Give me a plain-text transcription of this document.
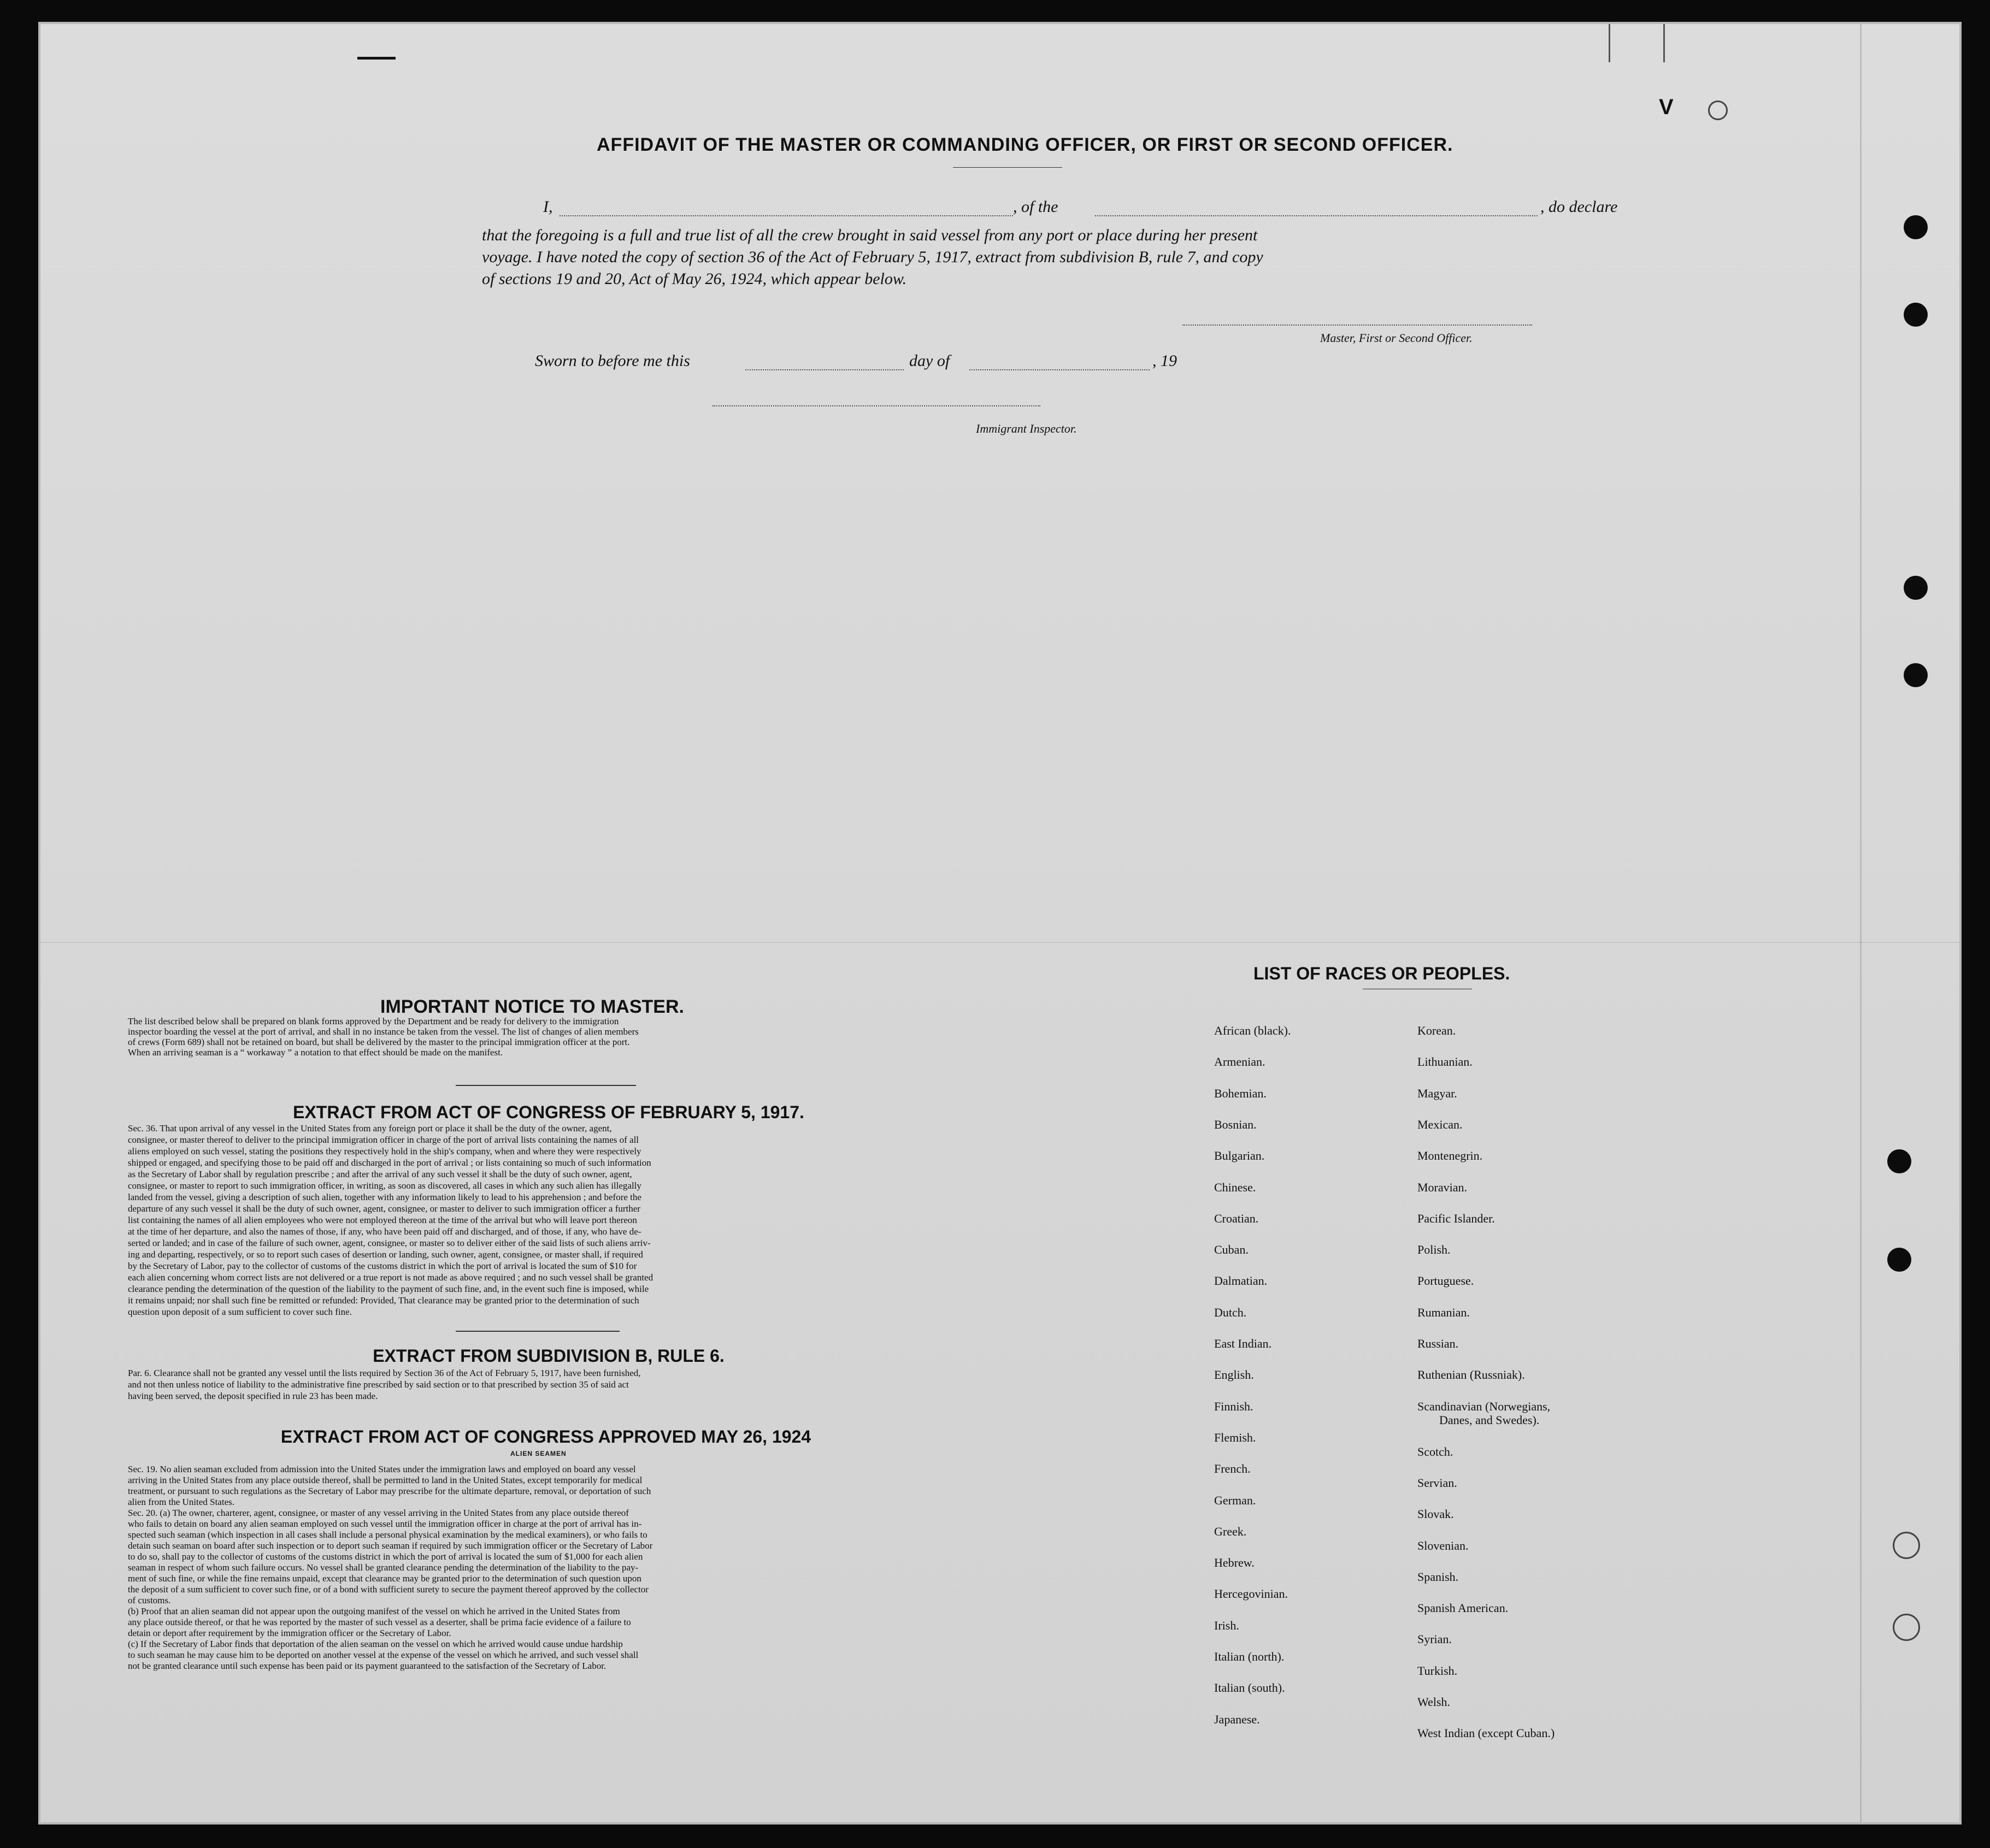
V
AFFIDAVIT OF THE MASTER OR COMMANDING OFFICER, OR FIRST OR SECOND OFFICER.
I,	, of the	, do declare
that the foregoing is a full and true list of all the crew brought in said vessel from any port or place during her present
voyage. I have noted the copy of section 36 of the Act of February 5, 1917, extract from subdivision B, rule 7, and copy
of sections 19 and 20, Act of May 26, 1924, which appear below.
Master, First or Second Officer.
Sworn to before me this	day of	, 19
Immigrant Inspector.
IMPORTANT NOTICE TO MASTER.
The list described below shall be prepared on blank forms approved by the Department and be ready for delivery to the immigration
inspector boarding the vessel at the port of arrival, and shall in no instance be taken from the vessel. The list of changes of alien members
of crews (Form 689) shall not be retained on board, but shall be delivered by the master to the principal immigration officer at the port.
When an arriving seaman is a “ workaway ” a notation to that effect should be made on the manifest.
EXTRACT FROM ACT OF CONGRESS OF FEBRUARY 5, 1917.
Sec. 36. That upon arrival of any vessel in the United States from any foreign port or place it shall be the duty of the owner, agent,
consignee, or master thereof to deliver to the principal immigration officer in charge of the port of arrival lists containing the names of all
aliens employed on such vessel, stating the positions they respectively hold in the ship's company, when and where they were respectively
shipped or engaged, and specifying those to be paid off and discharged in the port of arrival ; or lists containing so much of such information
as the Secretary of Labor shall by regulation prescribe ; and after the arrival of any such vessel it shall be the duty of such owner, agent,
consignee, or master to report to such immigration officer, in writing, as soon as discovered, all cases in which any such alien has illegally
landed from the vessel, giving a description of such alien, together with any information likely to lead to his apprehension ; and before the
departure of any such vessel it shall be the duty of such owner, agent, consignee, or master to deliver to such immigration officer a further
list containing the names of all alien employees who were not employed thereon at the time of the arrival but who will leave port thereon
at the time of her departure, and also the names of those, if any, who have been paid off and discharged, and of those, if any, who have de-
serted or landed; and in case of the failure of such owner, agent, consignee, or master so to deliver either of the said lists of such aliens arriv-
ing and departing, respectively, or so to report such cases of desertion or landing, such owner, agent, consignee, or master shall, if required
by the Secretary of Labor, pay to the collector of customs of the customs district in which the port of arrival is located the sum of $10 for
each alien concerning whom correct lists are not delivered or a true report is not made as above required ; and no such vessel shall be granted
clearance pending the determination of the question of the liability to the payment of such fine, and, in the event such fine is imposed, while
it remains unpaid; nor shall such fine be remitted or refunded: Provided, That clearance may be granted prior to the determination of such
question upon deposit of a sum sufficient to cover such fine.
EXTRACT FROM SUBDIVISION B, RULE 6.
Par. 6. Clearance shall not be granted any vessel until the lists required by Section 36 of the Act of February 5, 1917, have been furnished,
and not then unless notice of liability to the administrative fine prescribed by said section or to that prescribed by section 35 of said act
having been served, the deposit specified in rule 23 has been made.
EXTRACT FROM ACT OF CONGRESS APPROVED MAY 26, 1924
ALIEN SEAMEN
Sec. 19. No alien seaman excluded from admission into the United States under the immigration laws and employed on board any vessel
arriving in the United States from any place outside thereof, shall be permitted to land in the United States, except temporarily for medical
treatment, or pursuant to such regulations as the Secretary of Labor may prescribe for the ultimate departure, removal, or deportation of such
alien from the United States.
Sec. 20. (a) The owner, charterer, agent, consignee, or master of any vessel arriving in the United States from any place outside thereof
who fails to detain on board any alien seaman employed on such vessel until the immigration officer in charge at the port of arrival has in-
spected such seaman (which inspection in all cases shall include a personal physical examination by the medical examiners), or who fails to
detain such seaman on board after such inspection or to deport such seaman if required by such immigration officer or the Secretary of Labor
to do so, shall pay to the collector of customs of the customs district in which the port of arrival is located the sum of $1,000 for each alien
seaman in respect of whom such failure occurs. No vessel shall be granted clearance pending the determination of the liability to the pay-
ment of such fine, or while the fine remains unpaid, except that clearance may be granted prior to the determination of such question upon
the deposit of a sum sufficient to cover such fine, or of a bond with sufficient surety to secure the payment thereof approved by the collector
of customs.
(b) Proof that an alien seaman did not appear upon the outgoing manifest of the vessel on which he arrived in the United States from
any place outside thereof, or that he was reported by the master of such vessel as a deserter, shall be prima facie evidence of a failure to
detain or deport after requirement by the immigration officer or the Secretary of Labor.
(c) If the Secretary of Labor finds that deportation of the alien seaman on the vessel on which he arrived would cause undue hardship
to such seaman he may cause him to be deported on another vessel at the expense of the vessel on which he arrived, and such vessel shall
not be granted clearance until such expense has been paid or its payment guaranteed to the satisfaction of the Secretary of Labor.
LIST OF RACES OR PEOPLES.
African (black).
Armenian.
Bohemian.
Bosnian.
Bulgarian.
Chinese.
Croatian.
Cuban.
Dalmatian.
Dutch.
East Indian.
English.
Finnish.
Flemish.
French.
German.
Greek.
Hebrew.
Hercegovinian.
Irish.
Italian (north).
Italian (south).
Japanese.
Korean.
Lithuanian.
Magyar.
Mexican.
Montenegrin.
Moravian.
Pacific Islander.
Polish.
Portuguese.
Rumanian.
Russian.
Ruthenian (Russniak).
Scandinavian (Norwegians,
Danes, and Swedes).
Scotch.
Servian.
Slovak.
Slovenian.
Spanish.
Spanish American.
Syrian.
Turkish.
Welsh.
West Indian (except Cuban.)
